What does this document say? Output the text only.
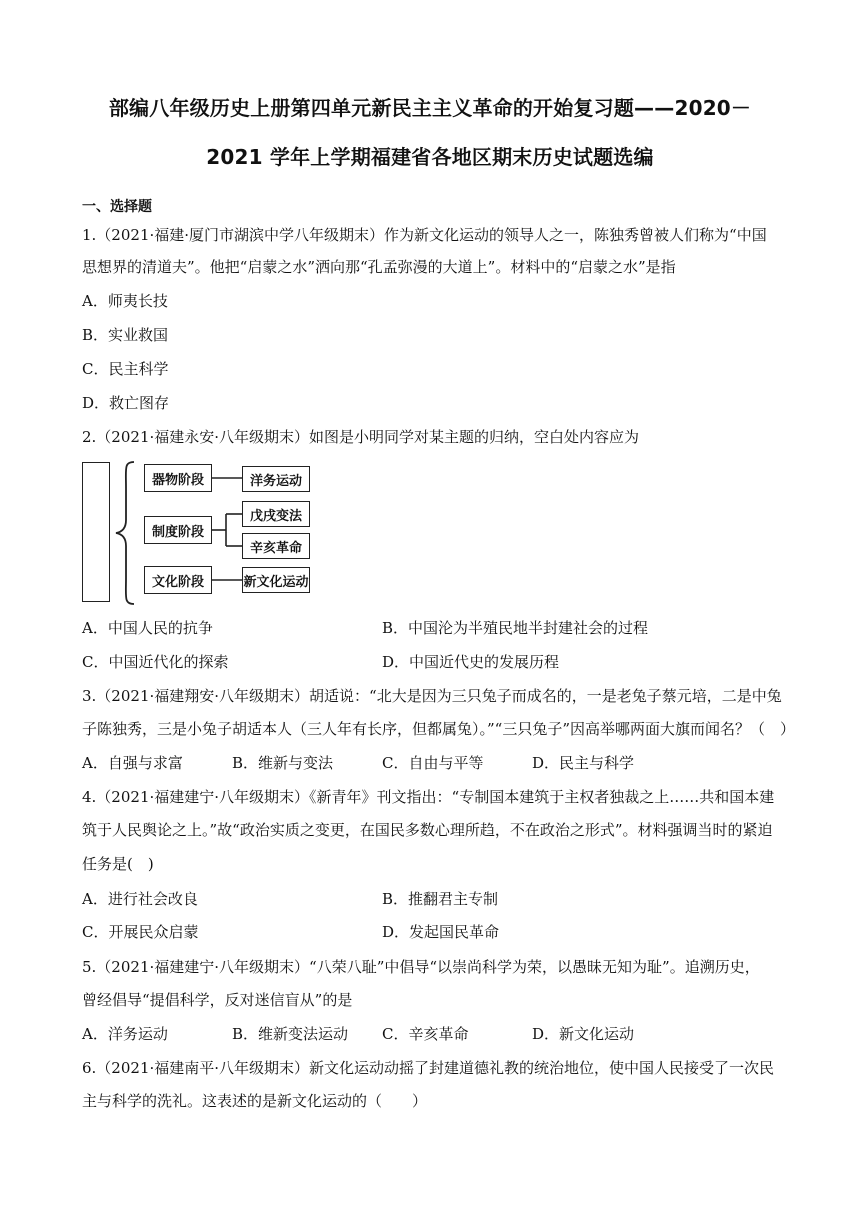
部编八年级历史上册第四单元新民主主义革命的开始复习题——2020－
2021 学年上学期福建省各地区期末历史试题选编
一、选择题
1.（2021·福建·厦门市湖滨中学八年级期末）作为新文化运动的领导人之一，陈独秀曾被人们称为“中国
思想界的清道夫”。他把“启蒙之水”洒向那“孔孟弥漫的大道上”。材料中的“启蒙之水”是指
A．师夷长技
B．实业救国
C．民主科学
D．救亡图存
2.（2021·福建永安·八年级期末）如图是小明同学对某主题的归纳，空白处内容应为
器物阶段
制度阶段
文化阶段
洋务运动
戊戌变法
辛亥革命
新文化运动
A．中国人民的抗争	B．中国沦为半殖民地半封建社会的过程
C．中国近代化的探索	D．中国近代史的发展历程
3.（2021·福建翔安·八年级期末）胡适说：“北大是因为三只兔子而成名的，一是老兔子蔡元培，二是中兔
子陈独秀，三是小兔子胡适本人（三人年有长序，但都属兔）。”“三只兔子”因高举哪两面大旗而闻名？（　）
A．自强与求富	B．维新与变法	C．自由与平等	D．民主与科学
4.（2021·福建建宁·八年级期末）《新青年》刊文指出：“专制国本建筑于主权者独裁之上……共和国本建
筑于人民舆论之上。”故“政治实质之变更，在国民多数心理所趋，不在政治之形式”。材料强调当时的紧迫
任务是(　)
A．进行社会改良	B．推翻君主专制
C．开展民众启蒙	D．发起国民革命
5.（2021·福建建宁·八年级期末）“八荣八耻”中倡导“以崇尚科学为荣，以愚昧无知为耻”。追溯历史，
曾经倡导“提倡科学，反对迷信盲从”的是
A．洋务运动	B．维新变法运动 C．辛亥革命	D．新文化运动
6.（2021·福建南平·八年级期末）新文化运动动摇了封建道德礼教的统治地位，使中国人民接受了一次民
主与科学的洗礼。这表述的是新文化运动的（　　）
